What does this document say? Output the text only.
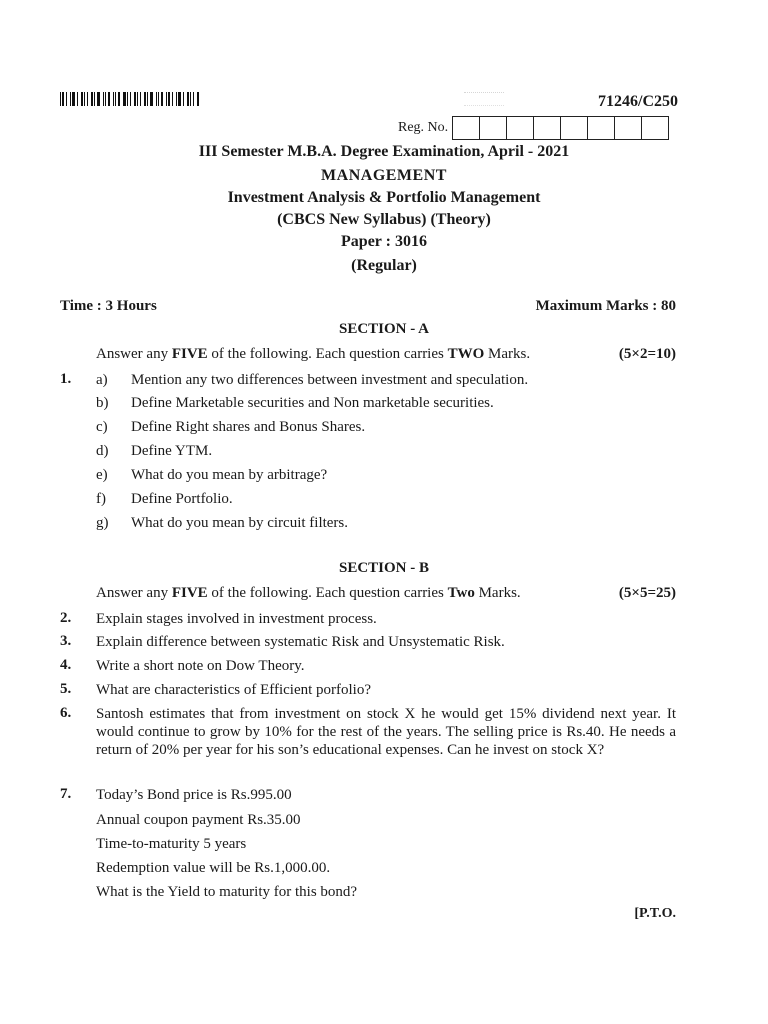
71246/C250
Reg. No.
III Semester M.B.A. Degree Examination, April - 2021
MANAGEMENT
Investment Analysis & Portfolio Management
(CBCS New Syllabus) (Theory)
Paper : 3016
(Regular)
Time : 3 Hours	Maximum Marks : 80
SECTION - A
Answer any FIVE of the following. Each question carries TWO Marks.	(5×2=10)
1. a) Mention any two differences between investment and speculation.
b) Define Marketable securities and Non marketable securities.
c) Define Right shares and Bonus Shares.
d) Define YTM.
e) What do you mean by arbitrage?
f) Define Portfolio.
g) What do you mean by circuit filters.
SECTION - B
Answer any FIVE of the following. Each question carries Two Marks.	(5×5=25)
2. Explain stages involved in investment process.
3. Explain difference between systematic Risk and Unsystematic Risk.
4. Write a short note on Dow Theory.
5. What are characteristics of Efficient porfolio?
6. Santosh estimates that from investment on stock X he would get 15% dividend next year. It would continue to grow by 10% for the rest of the years. The selling price is Rs.40. He needs a return of 20% per year for his son’s educational expenses. Can he invest on stock X?
7. Today’s Bond price is Rs.995.00
Annual coupon payment Rs.35.00
Time-to-maturity 5 years
Redemption value will be Rs.1,000.00.
What is the Yield to maturity for this bond?
[P.T.O.
